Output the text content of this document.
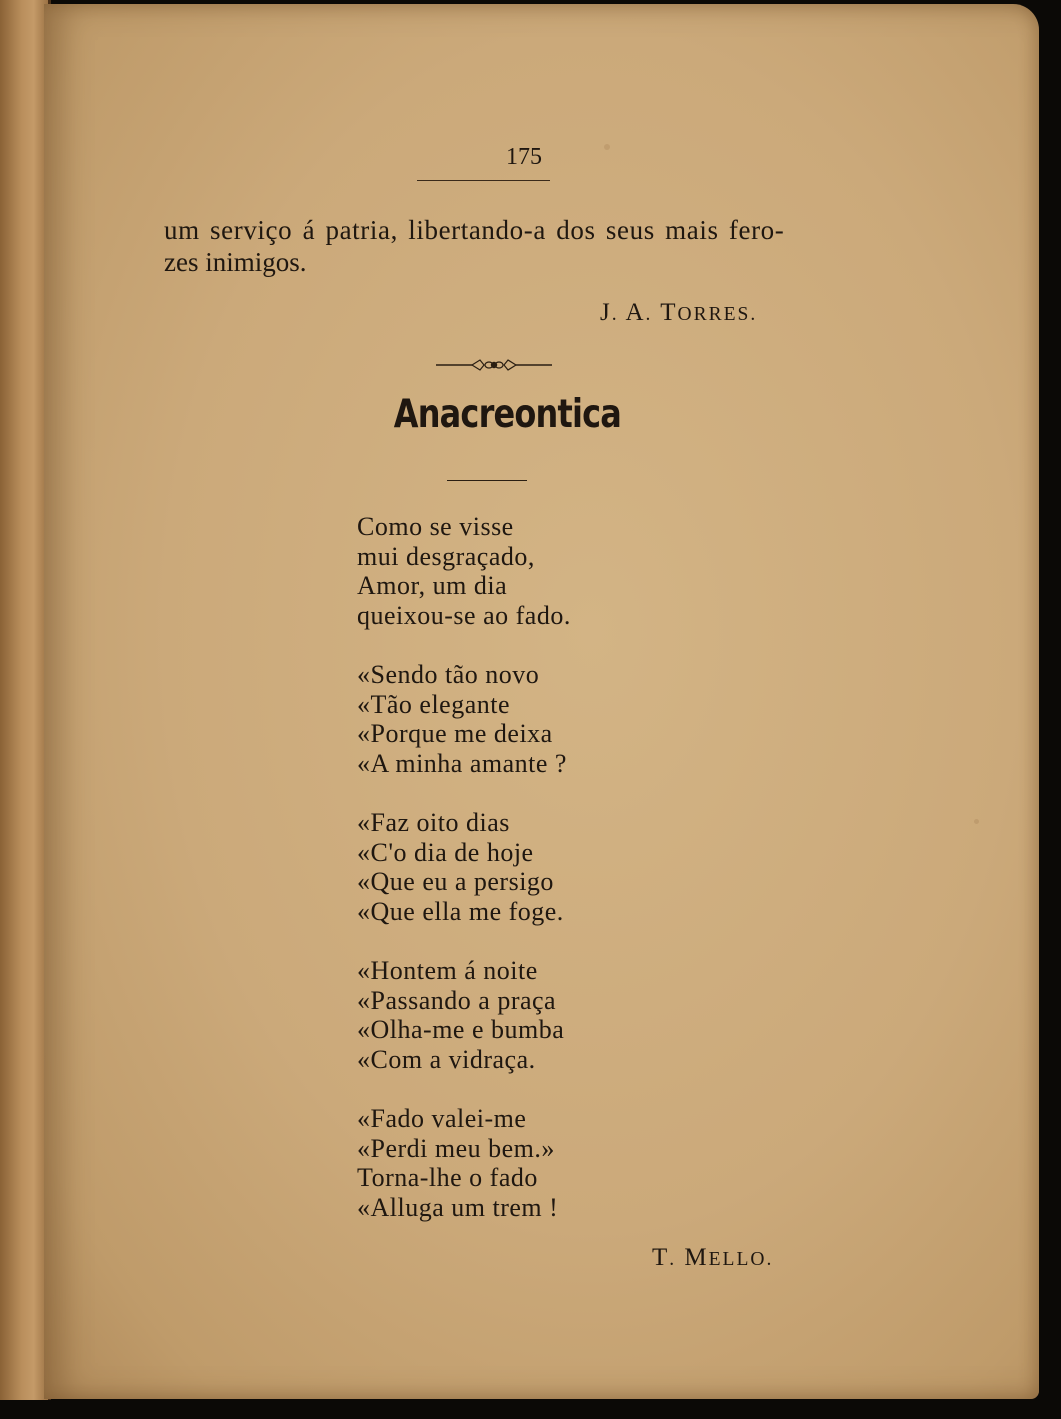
175
um serviço á patria, libertando-a dos seus mais fero-
zes inimigos.
J. A. TORRES.
Anacreontica
Como se visse
mui desgraçado,
Amor, um dia
queixou-se ao fado.
«Sendo tão novo
«Tão elegante
«Porque me deixa
«A minha amante ?
«Faz oito dias
«C'o dia de hoje
«Que eu a persigo
«Que ella me foge.
«Hontem á noite
«Passando a praça
«Olha-me e bumba
«Com a vidraça.
«Fado valei-me
«Perdi meu bem.»
Torna-lhe o fado
«Alluga um trem !
T. MELLO.
